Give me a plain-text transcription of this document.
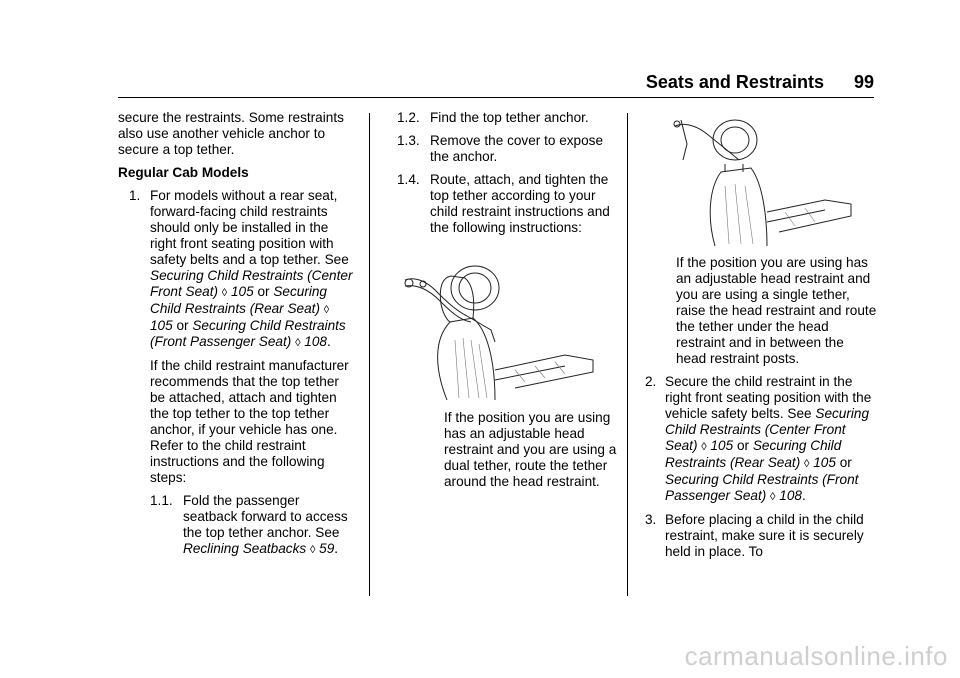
Seats and Restraints 99

secure the restraints. Some restraints also use another vehicle anchor to secure a top tether.

Regular Cab Models

1. For models without a rear seat, forward-facing child restraints should only be installed in the right front seating position with safety belts and a top tether. See Securing Child Restraints (Center Front Seat) ◊ 105 or Securing Child Restraints (Rear Seat) ◊ 105 or Securing Child Restraints (Front Passenger Seat) ◊ 108.

If the child restraint manufacturer recommends that the top tether be attached, attach and tighten the top tether to the top tether anchor, if your vehicle has one. Refer to the child restraint instructions and the following steps:

1.1. Fold the passenger seatback forward to access the top tether anchor. See Reclining Seatbacks ◊ 59.
1.2. Find the top tether anchor.
1.3. Remove the cover to expose the anchor.
1.4. Route, attach, and tighten the top tether according to your child restraint instructions and the following instructions:
If the position you are using has an adjustable head restraint and you are using a dual tether, route the tether around the head restraint.

If the position you are using has an adjustable head restraint and you are using a single tether, raise the head restraint and route the tether under the head restraint and in between the head restraint posts.

2. Secure the child restraint in the right front seating position with the vehicle safety belts. See Securing Child Restraints (Center Front Seat) ◊ 105 or Securing Child Restraints (Rear Seat) ◊ 105 or Securing Child Restraints (Front Passenger Seat) ◊ 108.
3. Before placing a child in the child restraint, make sure it is securely held in place. To
carmanualsonline.info
